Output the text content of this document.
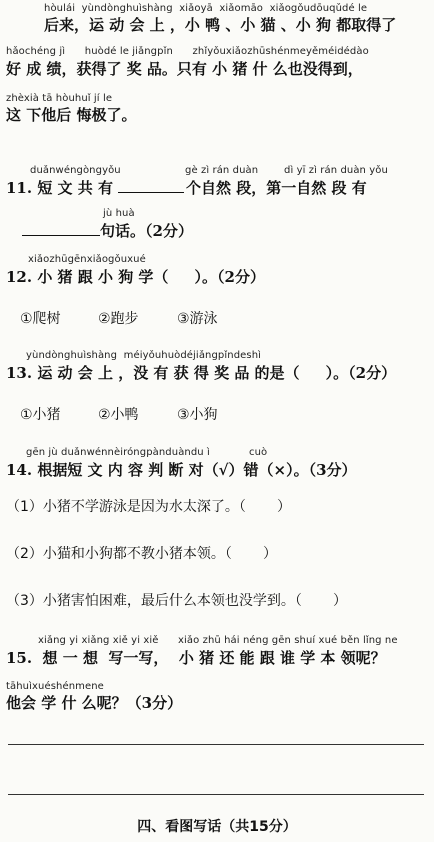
hòulái  yùndònghuìshàng  xiǎoyā  xiǎomāo  xiǎogǒudōuqǔdé le
后来，运 动 会 上 ，小 鸭 、小 猫 、小 狗 都取得了
hǎochéng jì      huòdé le jiǎngpǐn      zhǐyǒuxiǎozhūshénmeyěméidédào
好 成 绩，获得了 奖 品。只有 小 猪 什 么也没得到，
zhèxià tā hòuhuǐ jí le
这 下他后 悔极了。
duǎnwéngòngyǒu	gè zì rán duàn	dì yī zì rán duàn yǒu
11. 短 文 共 有	个自然 段，第一自然 段 有
jù huà
句话。（2分）
xiǎozhūgēnxiǎogǒuxué
12. 小 猪 跟 小 狗 学（     ）。（2分）
①爬树	②跑步	③游泳
yùndònghuìshàng  méiyǒuhuòdéjiǎngpǐndeshì
13. 运 动 会 上 ，没 有 获 得 奖 品 的是（     ）。（2分）
①小猪	②小鸭	③小狗
gēn jù duǎnwénnèiróngpànduàndu ì	cuò
14. 根据短 文 内 容 判 断 对（√）错（×）。（3分）
（1）小猪不学游泳是因为水太深了。（       ）
（2）小猫和小狗都不教小猪本领。（       ）
（3）小猪害怕困难，最后什么本领也没学到。（       ）
xiǎng yi xiǎng xiě yi xiě xiǎo zhū hái néng gēn shuí xué běn lǐng ne
15.  想 一 想  写一写，  小 猪 还 能 跟 谁 学 本 领呢？
tāhuìxuéshénmene
他会 学 什 么呢？（3分）
四、看图写话（共15分）
